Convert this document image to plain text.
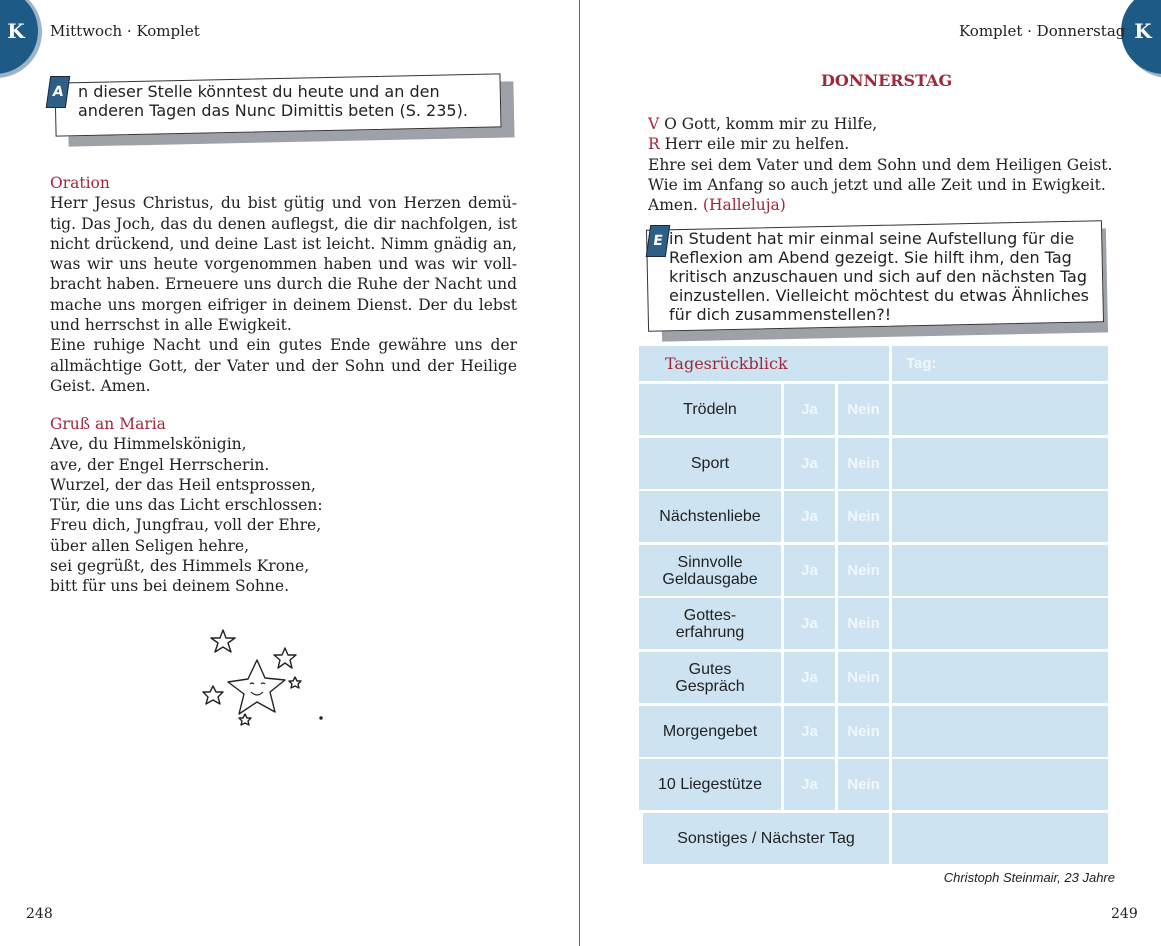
K Mittwoch · Komplet
A n dieser Stelle könntest du heute und an den
anderen Tagen das Nunc Dimittis beten (S. 235).
Oration
Herr Jesus Christus, du bist gütig und von Herzen demü-
tig. Das Joch, das du denen auflegst, die dir nachfolgen, ist
nicht drückend, und deine Last ist leicht. Nimm gnädig an,
was wir uns heute vorgenommen haben und was wir voll-
bracht haben. Erneuere uns durch die Ruhe der Nacht und
mache uns morgen eifriger in deinem Dienst. Der du lebst
und herrschst in alle Ewigkeit.
Eine ruhige Nacht und ein gutes Ende gewähre uns der
allmächtige Gott, der Vater und der Sohn und der Heilige
Geist. Amen.
Gruß an Maria
Ave, du Himmelskönigin,
ave, der Engel Herrscherin.
Wurzel, der das Heil entsprossen,
Tür, die uns das Licht erschlossen:
Freu dich, Jungfrau, voll der Ehre,
über allen Seligen hehre,
sei gegrüßt, des Himmels Krone,
bitt für uns bei deinem Sohne.
248
K
Komplet · Donnerstag
DONNERSTAG
V O Gott, komm mir zu Hilfe,
R Herr eile mir zu helfen.
Ehre sei dem Vater und dem Sohn und dem Heiligen Geist.
Wie im Anfang so auch jetzt und alle Zeit und in Ewigkeit.
Amen. (Halleluja)
E in Student hat mir einmal seine Aufstellung für die
Reflexion am Abend gezeigt. Sie hilft ihm, den Tag
kritisch anzuschauen und sich auf den nächsten Tag
einzustellen. Vielleicht möchtest du etwas Ähnliches
für dich zusammenstellen?!
Tagesrückblick	Tag:
Trödeln	Ja	Nein
Sport	Ja	Nein
Nächstenliebe	Ja	Nein
Sinnvolle
Geldausgabe	Ja	Nein
Gottes-
erfahrung	Ja	Nein
Gutes
Gespräch	Ja	Nein
Morgengebet	Ja	Nein
10 Liegestütze	Ja	Nein
Sonstiges / Nächster Tag
Christoph Steinmair, 23 Jahre
249
